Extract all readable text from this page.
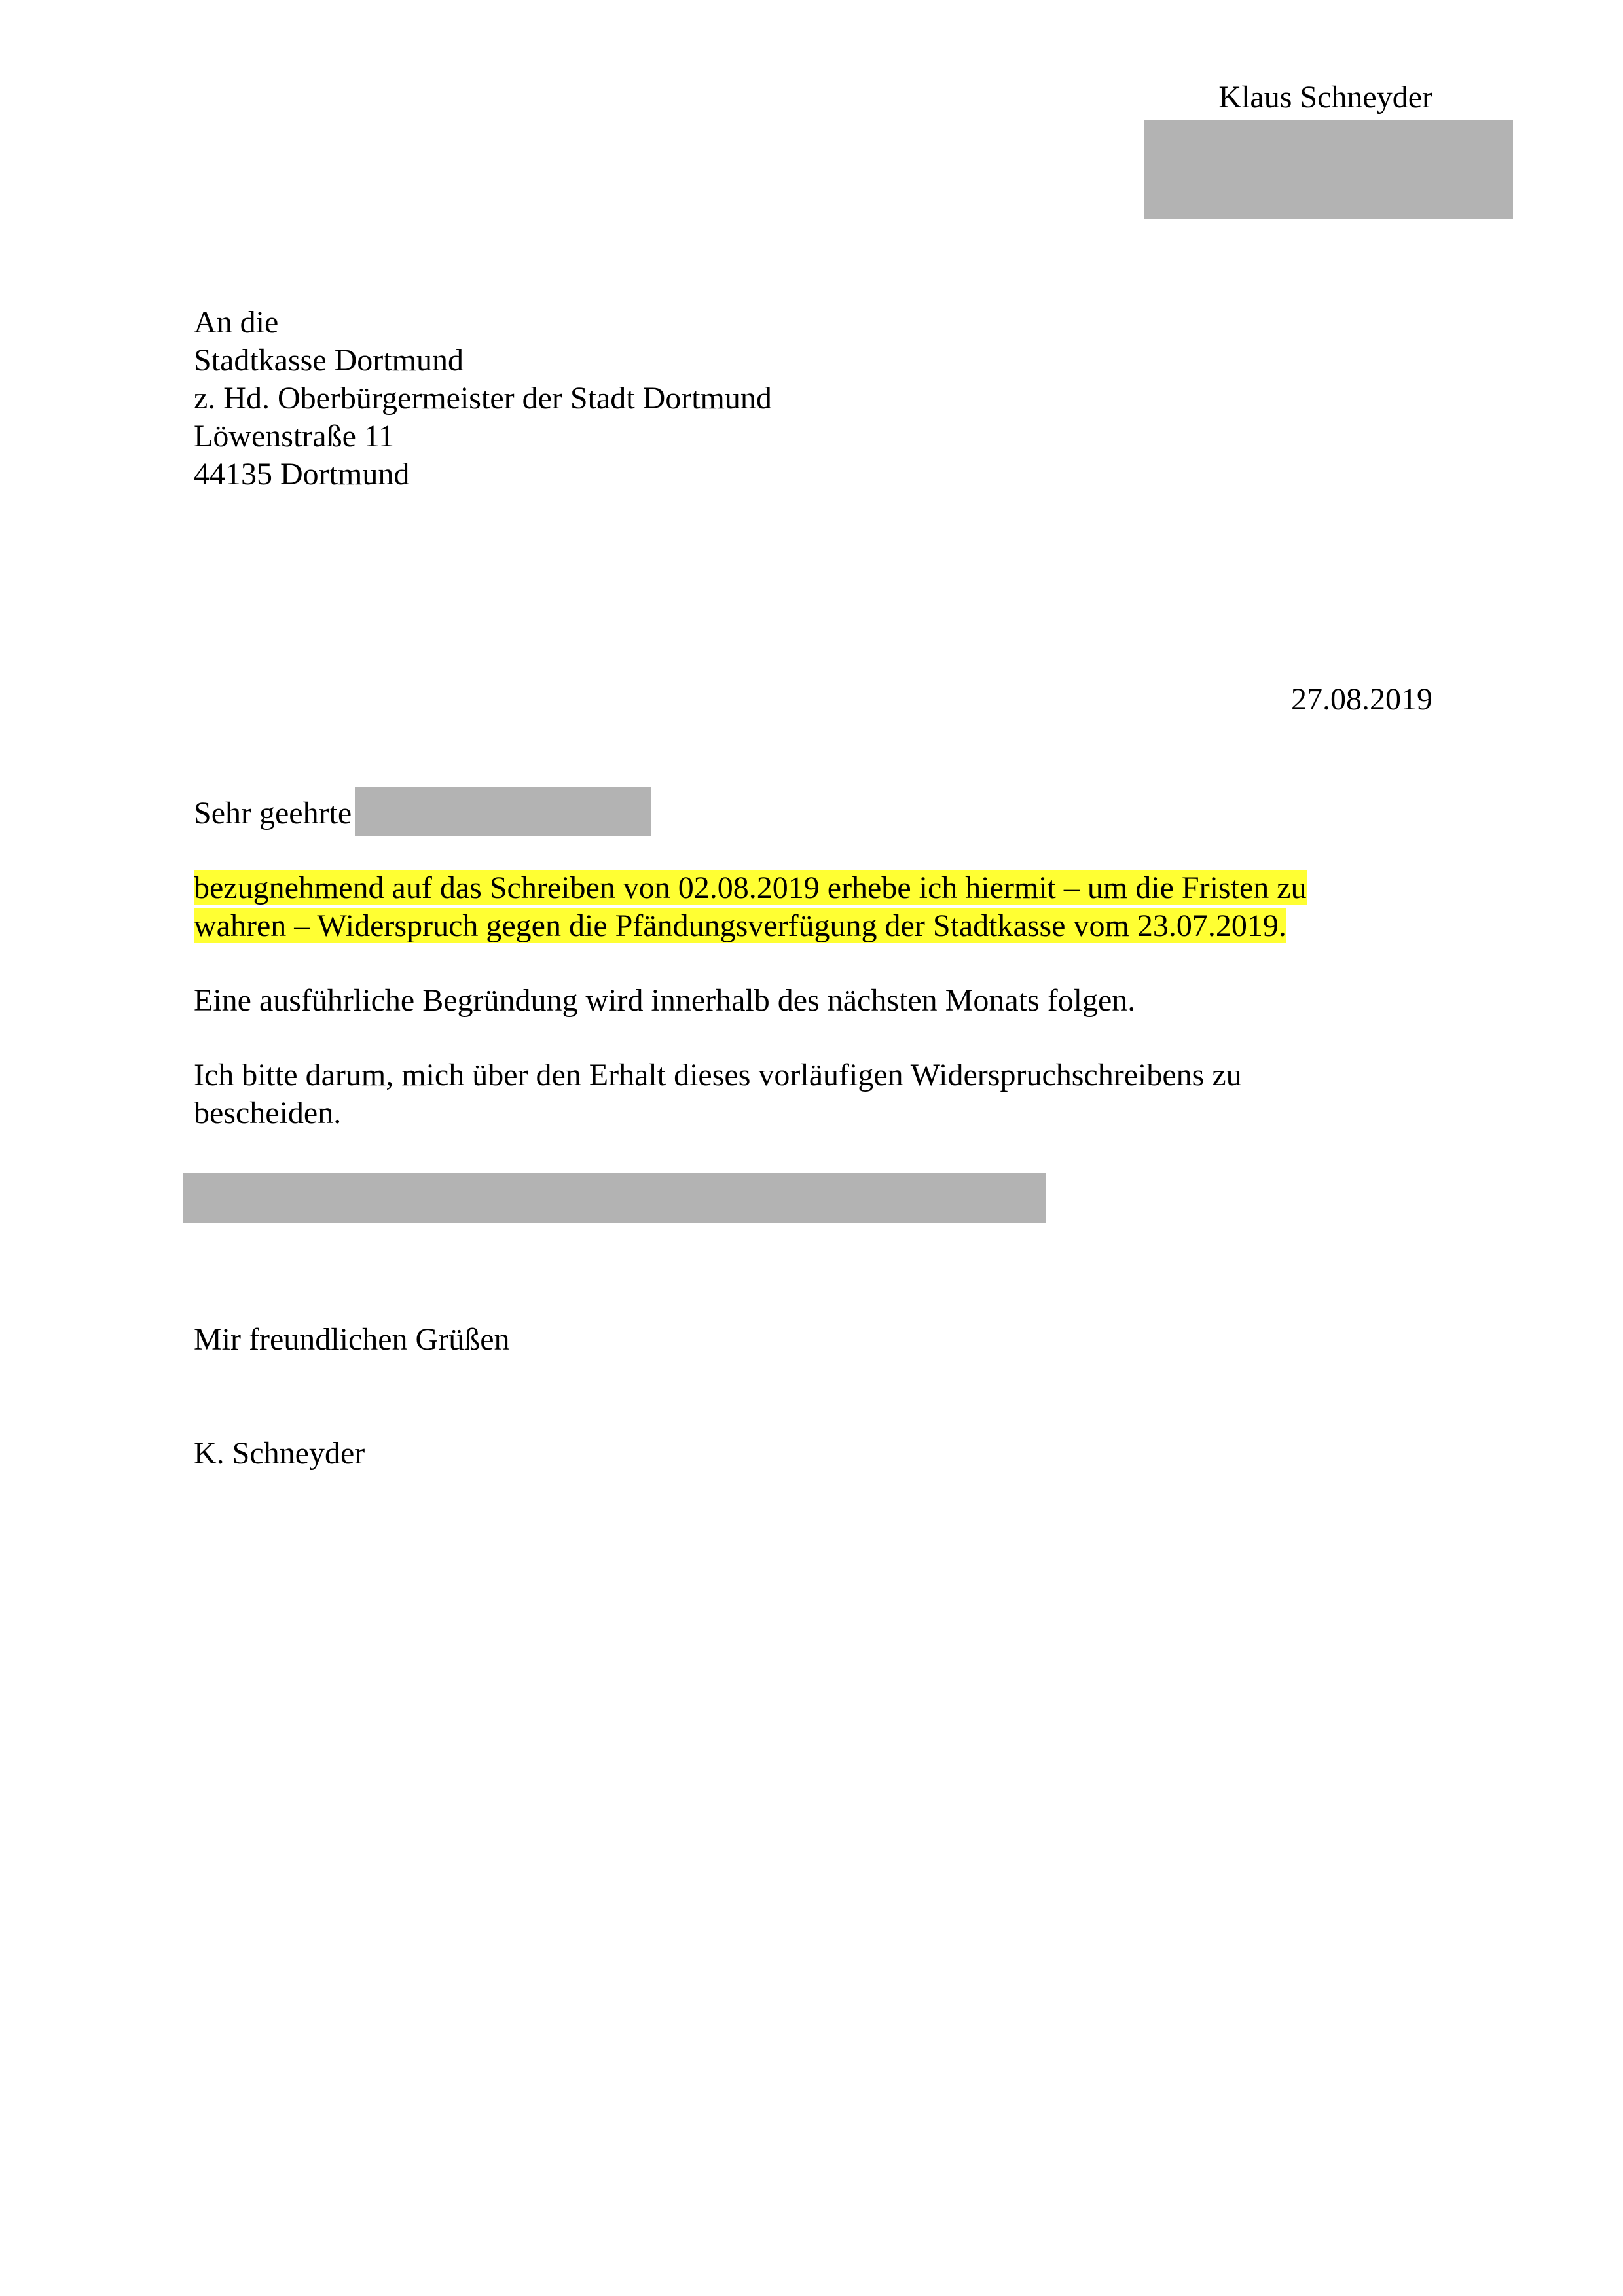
Klaus Schneyder
An die
Stadtkasse Dortmund
z. Hd. Oberbürgermeister der Stadt Dortmund
Löwenstraße 11
44135 Dortmund
27.08.2019
Sehr geehrte
bezugnehmend auf das Schreiben von 02.08.2019 erhebe ich hiermit – um die Fristen zu
wahren – Widerspruch gegen die Pfändungsverfügung der Stadtkasse vom 23.07.2019.
Eine ausführliche Begründung wird innerhalb des nächsten Monats folgen.
Ich bitte darum, mich über den Erhalt dieses vorläufigen Widerspruchschreibens zu bescheiden.
Mir freundlichen Grüßen
K. Schneyder
